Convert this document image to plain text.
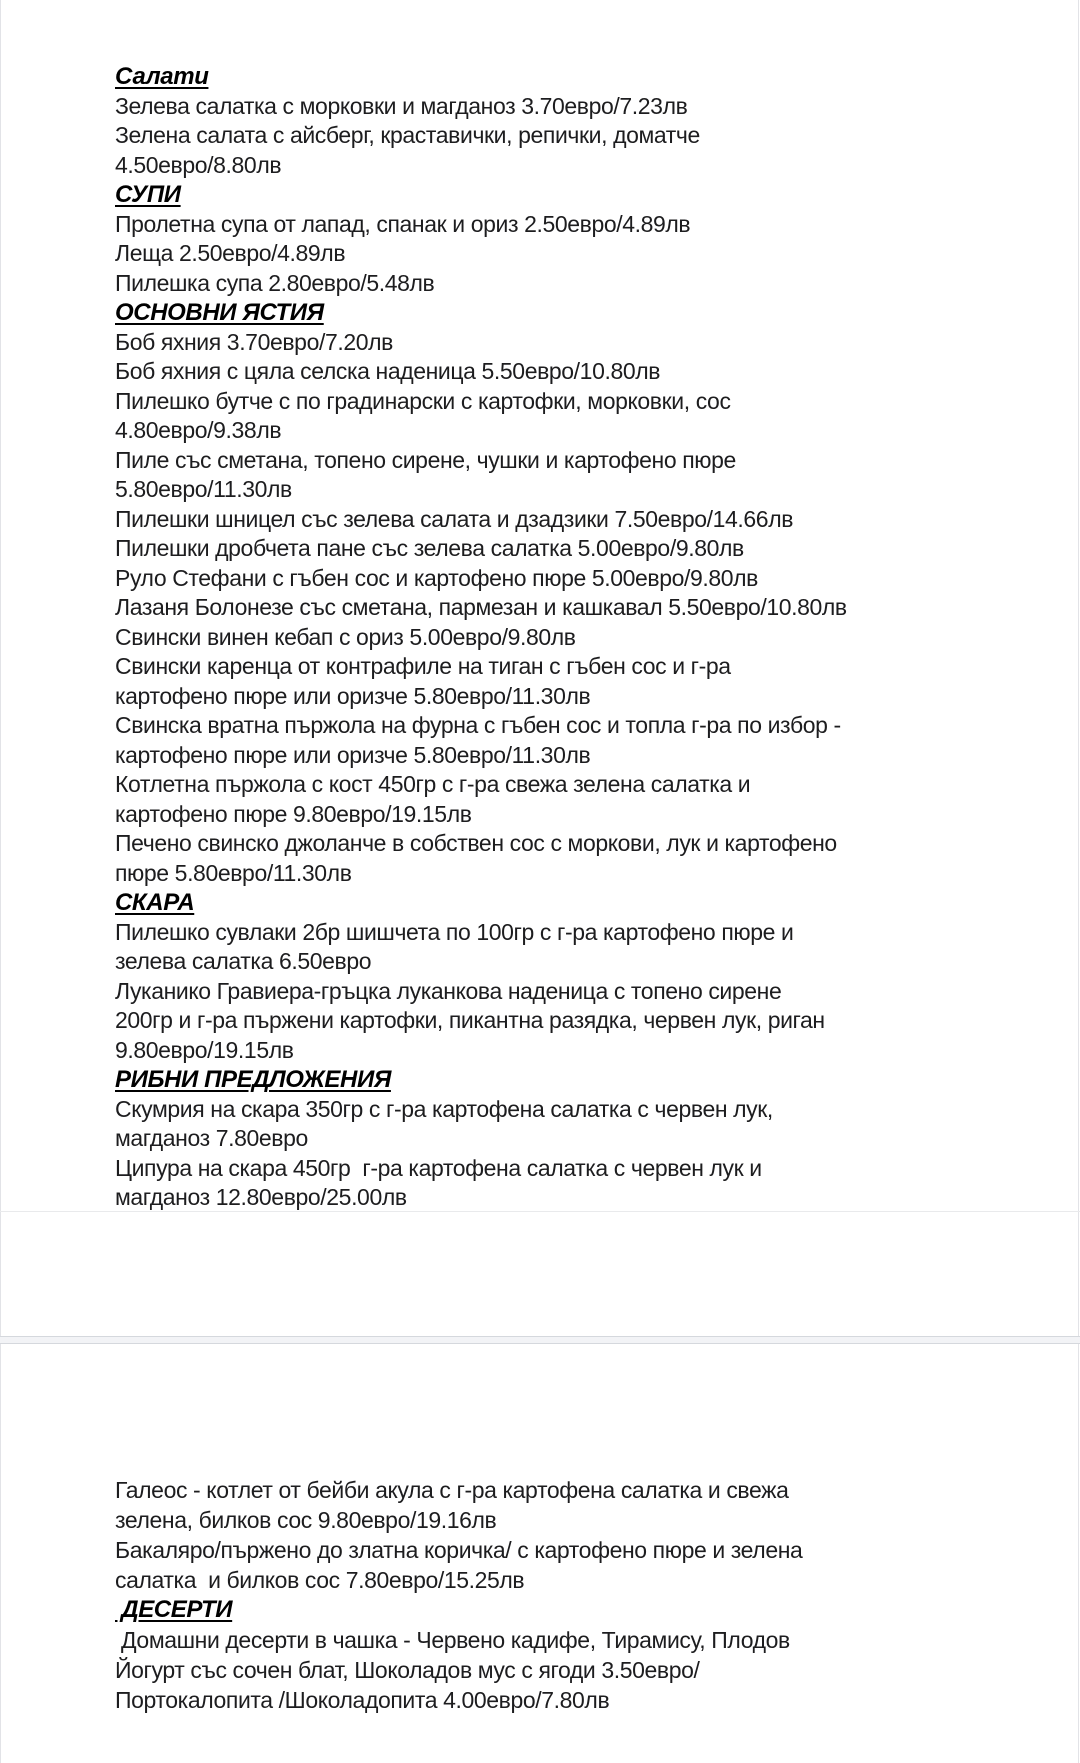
Салати
Зелева салатка с морковки и магданоз 3.70евро/7.23лв
Зелена салата с айсберг, краставички, репички, доматче
4.50евро/8.80лв
СУПИ
Пролетна супа от лапад, спанак и ориз 2.50евро/4.89лв
Леща 2.50евро/4.89лв
Пилешка супа 2.80евро/5.48лв
ОСНОВНИ ЯСТИЯ
Боб яхния 3.70евро/7.20лв
Боб яхния с цяла селска наденица 5.50евро/10.80лв
Пилешко бутче с по градинарски с картофки, морковки, сос
4.80евро/9.38лв
Пиле със сметана, топено сирене, чушки и картофено пюре
5.80евро/11.30лв
Пилешки шницел със зелева салата и дзадзики 7.50евро/14.66лв
Пилешки дробчета пане със зелева салатка 5.00евро/9.80лв
Руло Стефани с гъбен сос и картофено пюре 5.00евро/9.80лв
Лазаня Болонезе със сметана, пармезан и кашкавал 5.50евро/10.80лв
Свински винен кебап с ориз 5.00евро/9.80лв
Свински каренца от контрафиле на тиган с гъбен сос и г-ра
картофено пюре или оризче 5.80евро/11.30лв
Свинска вратна пържола на фурна с гъбен сос и топла г-ра по избор -
картофено пюре или оризче 5.80евро/11.30лв
Котлетна пържола с кост 450гр с г-ра свежа зелена салатка и
картофено пюре 9.80евро/19.15лв
Печено свинско джоланче в собствен сос с моркови, лук и картофено
пюре 5.80евро/11.30лв
СКАРА
Пилешко сувлаки 2бр шишчета по 100гр с г-ра картофено пюре и
зелева салатка 6.50евро
Луканико Гравиера-гръцка луканкова наденица с топено сирене
200гр и г-ра пържени картофки, пикантна разядка, червен лук, риган
9.80евро/19.15лв
РИБНИ ПРЕДЛОЖЕНИЯ
Скумрия на скара 350гр с г-ра картофена салатка с червен лук,
магданоз 7.80евро
Ципура на скара 450гр  г-ра картофена салатка с червен лук и
магданоз 12.80евро/25.00лв
Галеос - котлет от бейби акула с г-ра картофена салатка и свежа
зелена, билков сос 9.80евро/19.16лв
Бакаляро/пържено до златна коричка/ с картофено пюре и зелена
салатка  и билков сос 7.80евро/15.25лв
ДЕСЕРТИ
Домашни десерти в чашка - Червено кадифе, Тирамису, Плодов
Йогурт със сочен блат, Шоколадов мус с ягоди 3.50евро/
Портокалопита /Шоколадопита 4.00евро/7.80лв
